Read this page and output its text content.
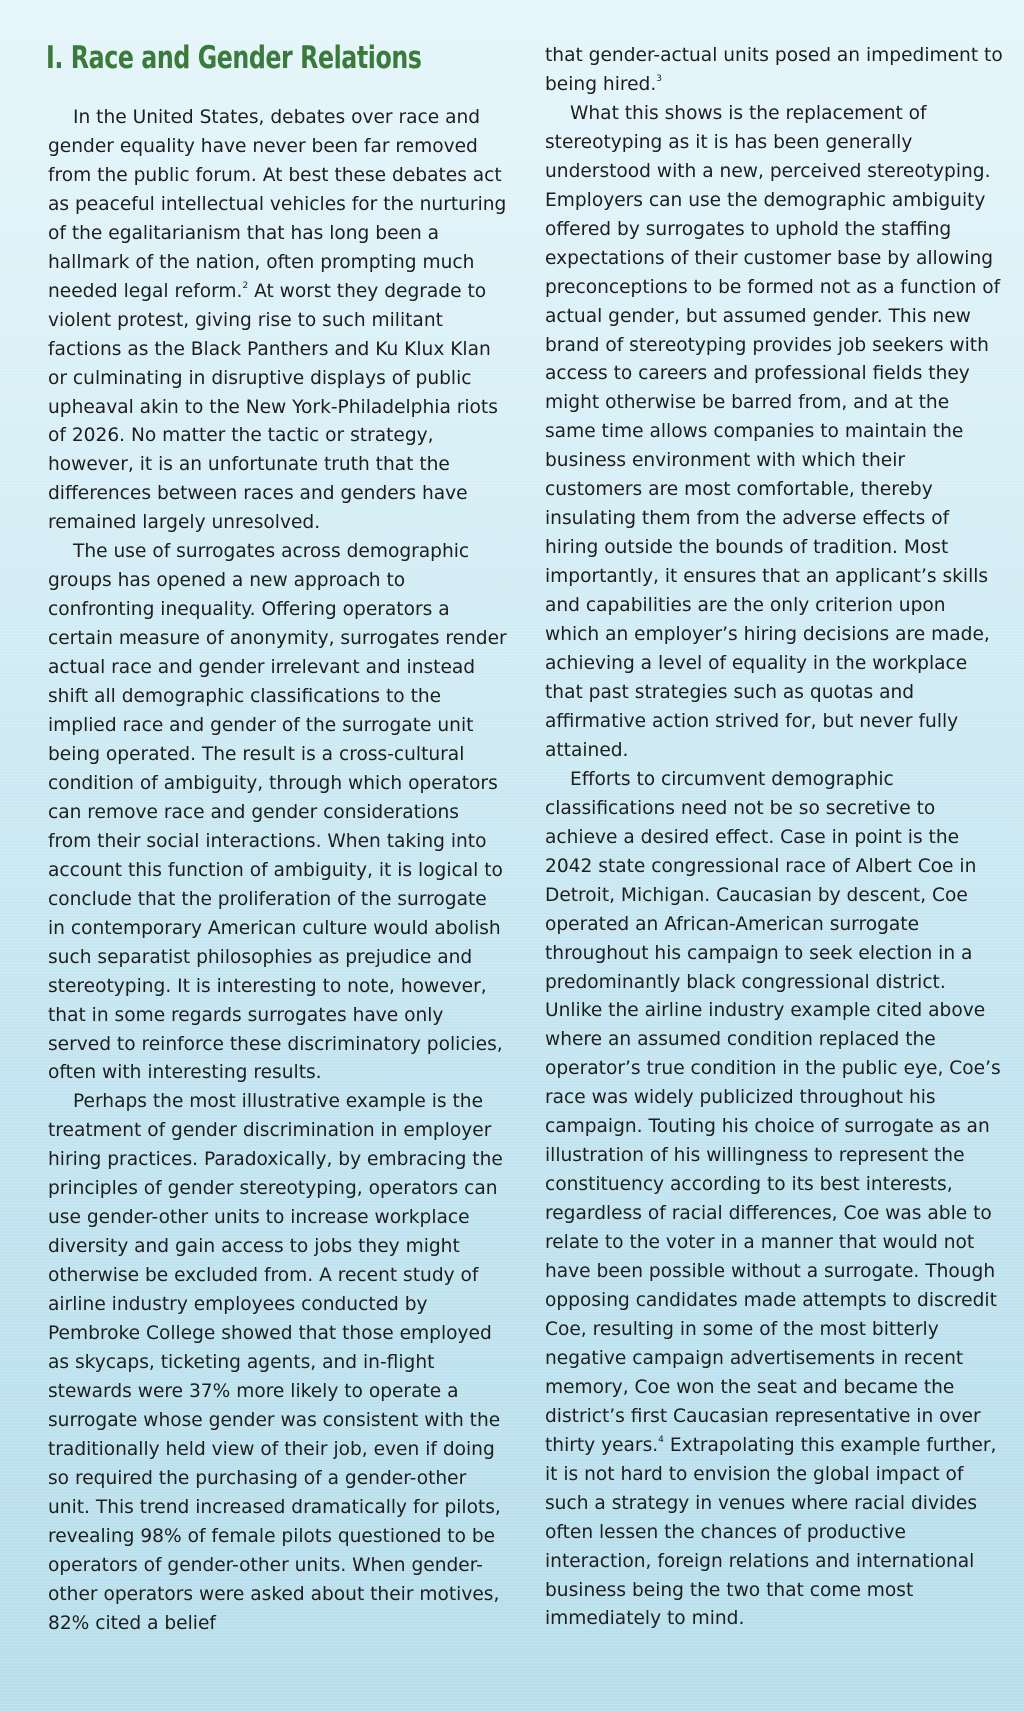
I. Race and Gender Relations

In the United States, debates over race and gender equality have never been far removed from the public forum. At best these debates act as peaceful intellectual vehicles for the nurturing of the egalitarianism that has long been a hallmark of the nation, often prompting much needed legal reform.$^2$ At worst they degrade to violent protest, giving rise to such militant factions as the Black Panthers and Ku Klux Klan or culminating in disruptive displays of public upheaval akin to the New York-Philadelphia riots of 2026. No matter the tactic or strategy, however, it is an unfortunate truth that the differences between races and genders have remained largely unresolved.

The use of surrogates across demographic groups has opened a new approach to confronting inequality. Offering operators a certain measure of anonymity, surrogates render actual race and gender irrelevant and instead shift all demographic classifications to the implied race and gender of the surrogate unit being operated. The result is a cross-cultural condition of ambiguity, through which operators can remove race and gender considerations from their social interactions. When taking into account this function of ambiguity, it is logical to conclude that the proliferation of the surrogate in contemporary American culture would abolish such separatist philosophies as prejudice and stereotyping. It is interesting to note, however, that in some regards surrogates have only served to reinforce these discriminatory policies, often with interesting results.

Perhaps the most illustrative example is the treatment of gender discrimination in employer hiring practices. Paradoxically, by embracing the principles of gender stereotyping, operators can use gender-other units to increase workplace diversity and gain access to jobs they might otherwise be excluded from. A recent study of airline industry employees conducted by Pembroke College showed that those employed as skycaps, ticketing agents, and in-flight stewards were 37% more likely to operate a surrogate whose gender was consistent with the traditionally held view of their job, even if doing so required the purchasing of a gender-other unit. This trend increased dramatically for pilots, revealing 98% of female pilots questioned to be operators of gender-other units. When gender-other operators were asked about their motives, 82% cited a belief

that gender-actual units posed an impediment to being hired.$^3$

What this shows is the replacement of stereotyping as it is has been generally understood with a new, perceived stereotyping. Employers can use the demographic ambiguity offered by surrogates to uphold the staffing expectations of their customer base by allowing preconceptions to be formed not as a function of actual gender, but assumed gender. This new brand of stereotyping provides job seekers with access to careers and professional fields they might otherwise be barred from, and at the same time allows companies to maintain the business environment with which their customers are most comfortable, thereby insulating them from the adverse effects of hiring outside the bounds of tradition. Most importantly, it ensures that an applicant’s skills and capabilities are the only criterion upon which an employer’s hiring decisions are made, achieving a level of equality in the workplace that past strategies such as quotas and affirmative action strived for, but never fully attained.

Efforts to circumvent demographic classifications need not be so secretive to achieve a desired effect. Case in point is the 2042 state congressional race of Albert Coe in Detroit, Michigan. Caucasian by descent, Coe operated an African-American surrogate throughout his campaign to seek election in a predominantly black congressional district. Unlike the airline industry example cited above where an assumed condition replaced the operator’s true condition in the public eye, Coe’s race was widely publicized throughout his campaign. Touting his choice of surrogate as an illustration of his willingness to represent the constituency according to its best interests, regardless of racial differences, Coe was able to relate to the voter in a manner that would not have been possible without a surrogate. Though opposing candidates made attempts to discredit Coe, resulting in some of the most bitterly negative campaign advertisements in recent memory, Coe won the seat and became the district’s first Caucasian representative in over thirty years.$^4$ Extrapolating this example further, it is not hard to envision the global impact of such a strategy in venues where racial divides often lessen the chances of productive interaction, foreign relations and international business being the two that come most immediately to mind.
